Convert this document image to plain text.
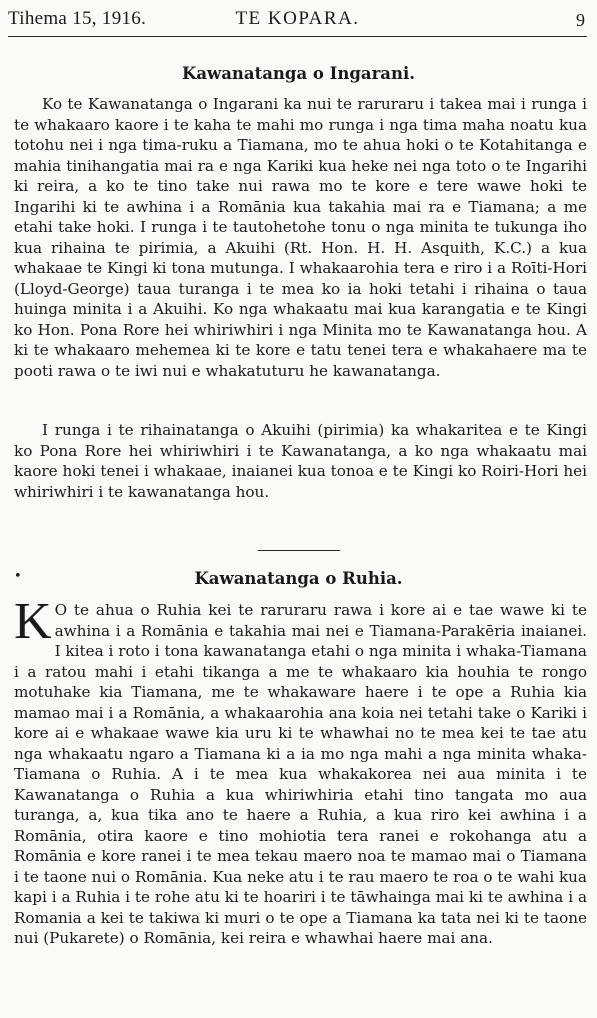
Tihema 15, 1916.	TE KOPARA.	9
Kawanatanga o Ingarani.

Ko te Kawanatanga o Ingarani ka nui te raruraru i takea mai i runga i te whakaaro kaore i te kaha te mahi mo runga i nga tima maha noatu kua totohu nei i nga tima-ruku a Tiamana, mo te ahua hoki o te Kotahitanga e mahia tinihangatia mai ra e nga Kariki kua heke nei nga toto o te Ingarihi ki reira, a ko te tino take nui rawa mo te kore e tere wawe hoki te Ingarihi ki te awhina i a Romānia kua takahia mai ra e Tiamana; a me etahi take hoki. I runga i te tautohetohe tonu o nga minita te tukunga iho kua rihaina te pirimia, a Akuihi (Rt. Hon. H. H. Asquith, K.C.) a kua whakaae te Kingi ki tona mutunga. I whakaarohia tera e riro i a Roīti-Hori (Lloyd-George) taua turanga i te mea ko ia hoki tetahi i rihaina o taua huinga minita i a Akuihi. Ko nga whakaatu mai kua karangatia e te Kingi ko Hon. Pona Rore hei whiriwhiri i nga Minita mo te Kawanatanga hou. A ki te whakaaro mehemea ki te kore e tatu tenei tera e whakahaere ma te pooti rawa o te iwi nui e whakatuturu he kawanatanga.

I runga i te rihainatanga o Akuihi (pirimia) ka whakaritea e te Kingi ko Pona Rore hei whiriwhiri i te Kawanatanga, a ko nga whakaatu mai kaore hoki tenei i whakaae, inaianei kua tonoa e te Kingi ko Roiri-Hori hei whiriwhiri i te kawanatanga hou.

•	Kawanatanga o Ruhia.

K O te ahua o Ruhia kei te raruraru rawa i kore ai e tae wawe ki te awhina i a Romānia e takahia mai nei e Tiamana-Parakēria inaianei. I kitea i roto i tona kawanatanga etahi o nga minita i whaka-Tiamana i a ratou mahi i etahi tikanga a me te whakaaro kia houhia te rongo motuhake kia Tiamana, me te whakaware haere i te ope a Ruhia kia mamao mai i a Romānia, a whakaarohia ana koia nei tetahi take o Kariki i kore ai e whakaae wawe kia uru ki te whawhai no te mea kei te tae atu nga whakaatu ngaro a Tiamana ki a ia mo nga mahi a nga minita whaka-Tiamana o Ruhia. A i te mea kua whakakorea nei aua minita i te Kawanatanga o Ruhia a kua whiriwhiria etahi tino tangata mo aua turanga, a, kua tika ano te haere a Ruhia, a kua riro kei awhina i a Romānia, otira kaore e tino mohiotia tera ranei e rokohanga atu a Romānia e kore ranei i te mea tekau maero noa te mamao mai o Tiamana i te taone nui o Romānia. Kua neke atu i te rau maero te roa o te wahi kua kapi i a Ruhia i te rohe atu ki te hoariri i te tāwhainga mai ki te awhina i a Romania a kei te takiwa ki muri o te ope a Tiamana ka tata nei ki te taone nui (Pukarete) o Romānia, kei reira e whawhai haere mai ana.
